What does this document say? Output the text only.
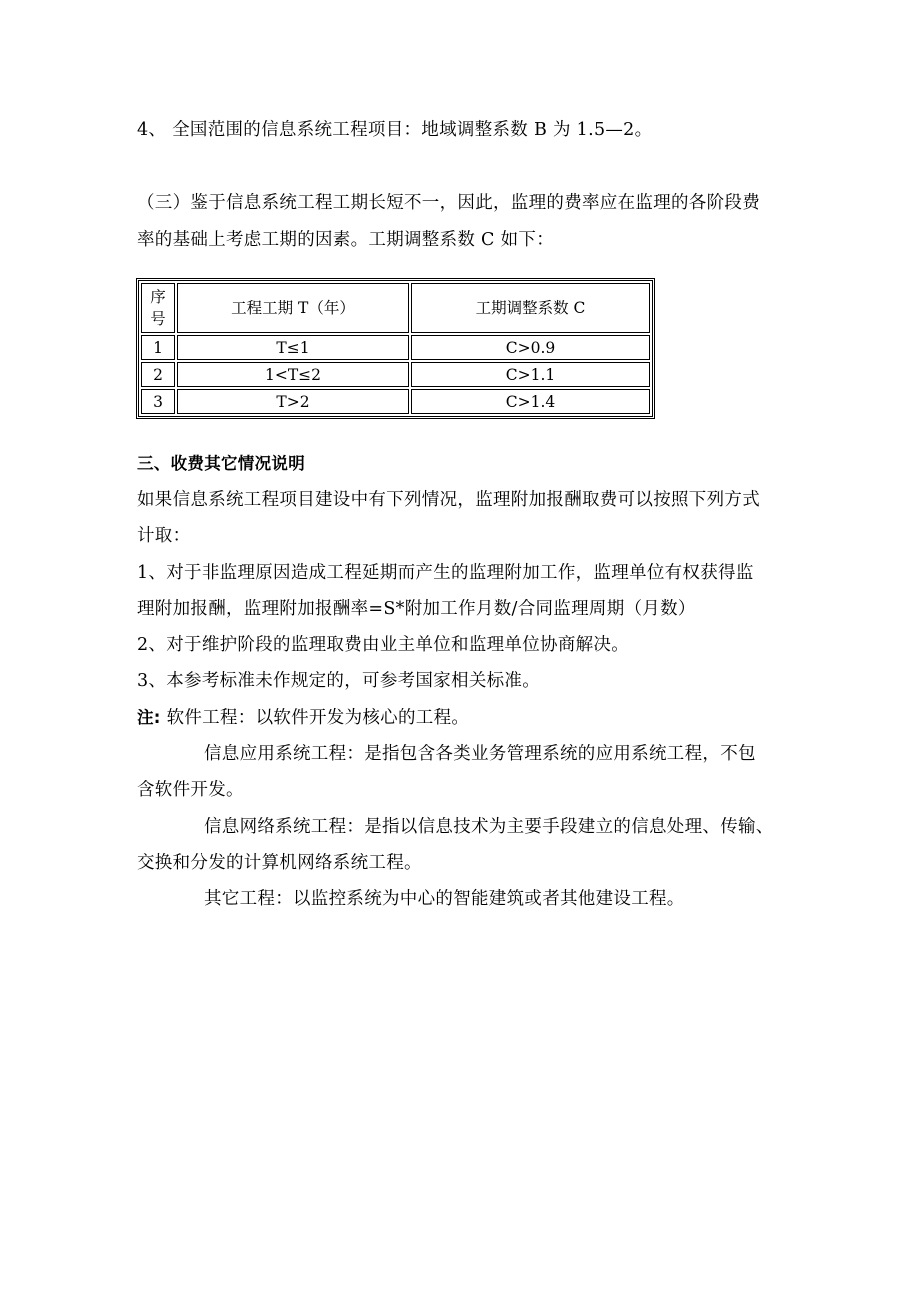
4、 全国范围的信息系统工程项目：地域调整系数 B 为 1.5—2。
（三）鉴于信息系统工程工期长短不一，因此，监理的费率应在监理的各阶段费
率的基础上考虑工期的因素。工期调整系数 C 如下：
序
号	工程工期 T（年）	工期调整系数 C
1	T≤1	C>0.9
2	1<T≤2	C>1.1
3	T>2	C>1.4
三、收费其它情况说明
如果信息系统工程项目建设中有下列情况，监理附加报酬取费可以按照下列方式
计取：
1、对于非监理原因造成工程延期而产生的监理附加工作，监理单位有权获得监
理附加报酬，监理附加报酬率=S*附加工作月数/合同监理周期（月数）
2、对于维护阶段的监理取费由业主单位和监理单位协商解决。
3、本参考标准未作规定的，可参考国家相关标准。
注: 软件工程：以软件开发为核心的工程。
信息应用系统工程：是指包含各类业务管理系统的应用系统工程，不包
含软件开发。
信息网络系统工程：是指以信息技术为主要手段建立的信息处理、传输、
交换和分发的计算机网络系统工程。
其它工程：以监控系统为中心的智能建筑或者其他建设工程。
